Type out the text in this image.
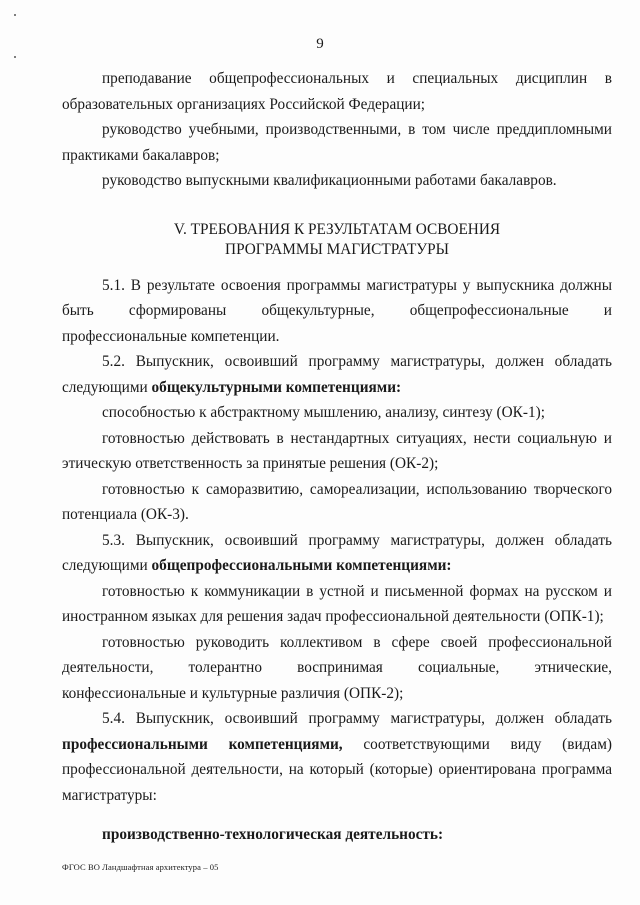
9

преподавание общепрофессиональных и специальных дисциплин в образовательных организациях Российской Федерации;

руководство учебными, производственными, в том числе преддипломными практиками бакалавров;

руководство выпускными квалификационными работами бакалавров.

V. ТРЕБОВАНИЯ К РЕЗУЛЬТАТАМ ОСВОЕНИЯ
ПРОГРАММЫ МАГИСТРАТУРЫ

5.1. В результате освоения программы магистратуры у выпускника должны быть сформированы общекультурные, общепрофессиональные и профессиональные компетенции.

5.2. Выпускник, освоивший программу магистратуры, должен обладать следующими общекультурными компетенциями:

способностью к абстрактному мышлению, анализу, синтезу (ОК-1);

готовностью действовать в нестандартных ситуациях, нести социальную и этическую ответственность за принятые решения (ОК-2);

готовностью к саморазвитию, самореализации, использованию творческого потенциала (ОК-3).

5.3. Выпускник, освоивший программу магистратуры, должен обладать следующими общепрофессиональными компетенциями:

готовностью к коммуникации в устной и письменной формах на русском и иностранном языках для решения задач профессиональной деятельности (ОПК-1);

готовностью руководить коллективом в сфере своей профессиональной деятельности, толерантно воспринимая социальные, этнические, конфессиональные и культурные различия (ОПК-2);

5.4. Выпускник, освоивший программу магистратуры, должен обладать профессиональными компетенциями, соответствующими виду (видам) профессиональной деятельности, на который (которые) ориентирована программа магистратуры:

производственно-технологическая деятельность:

ФГОС ВО Ландшафтная архитектура – 05
